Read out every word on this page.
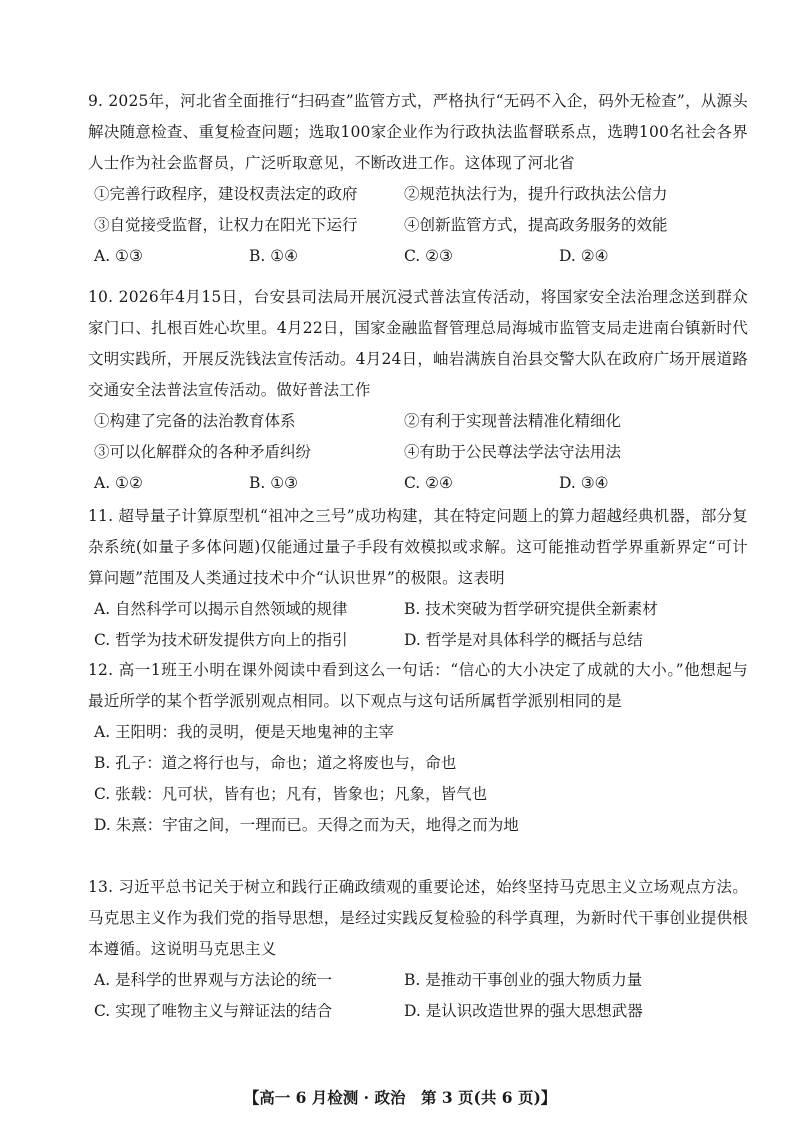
9. 2025年，河北省全面推行“扫码查”监管方式，严格执行“无码不入企，码外无检查”，从源头解决随意检查、重复检查问题；选取100家企业作为行政执法监督联系点，选聘100名社会各界人士作为社会监督员，广泛听取意见，不断改进工作。这体现了河北省

①完善行政程序，建设权责法定的政府	②规范执法行为，提升行政执法公信力
③自觉接受监督，让权力在阳光下运行	④创新监管方式，提高政务服务的效能
A. ①③	B. ①④	C. ②③	D. ②④

10. 2026年4月15日，台安县司法局开展沉浸式普法宣传活动，将国家安全法治理念送到群众家门口、扎根百姓心坎里。4月22日，国家金融监督管理总局海城市监管支局走进南台镇新时代文明实践所，开展反洗钱法宣传活动。4月24日，岫岩满族自治县交警大队在政府广场开展道路交通安全法普法宣传活动。做好普法工作

①构建了完备的法治教育体系	②有利于实现普法精准化精细化
③可以化解群众的各种矛盾纠纷	④有助于公民尊法学法守法用法
A. ①②	B. ①③	C. ②④	D. ③④

11. 超导量子计算原型机“祖冲之三号”成功构建，其在特定问题上的算力超越经典机器，部分复杂系统(如量子多体问题)仅能通过量子手段有效模拟或求解。这可能推动哲学界重新界定“可计算问题”范围及人类通过技术中介“认识世界”的极限。这表明

A. 自然科学可以揭示自然领域的规律	B. 技术突破为哲学研究提供全新素材
C. 哲学为技术研发提供方向上的指引	D. 哲学是对具体科学的概括与总结

12. 高一1班王小明在课外阅读中看到这么一句话：“信心的大小决定了成就的大小。”他想起与最近所学的某个哲学派别观点相同。以下观点与这句话所属哲学派别相同的是

A. 王阳明：我的灵明，便是天地鬼神的主宰
B. 孔子：道之将行也与，命也；道之将废也与，命也
C. 张载：凡可状，皆有也；凡有，皆象也；凡象，皆气也
D. 朱熹：宇宙之间，一理而已。天得之而为天，地得之而为地

13. 习近平总书记关于树立和践行正确政绩观的重要论述，始终坚持马克思主义立场观点方法。马克思主义作为我们党的指导思想，是经过实践反复检验的科学真理，为新时代干事创业提供根本遵循。这说明马克思主义

A. 是科学的世界观与方法论的统一	B. 是推动干事创业的强大物质力量
C. 实现了唯物主义与辩证法的结合	D. 是认识改造世界的强大思想武器
【高一 6 月检测 · 政治　第 3 页(共 6 页)】
